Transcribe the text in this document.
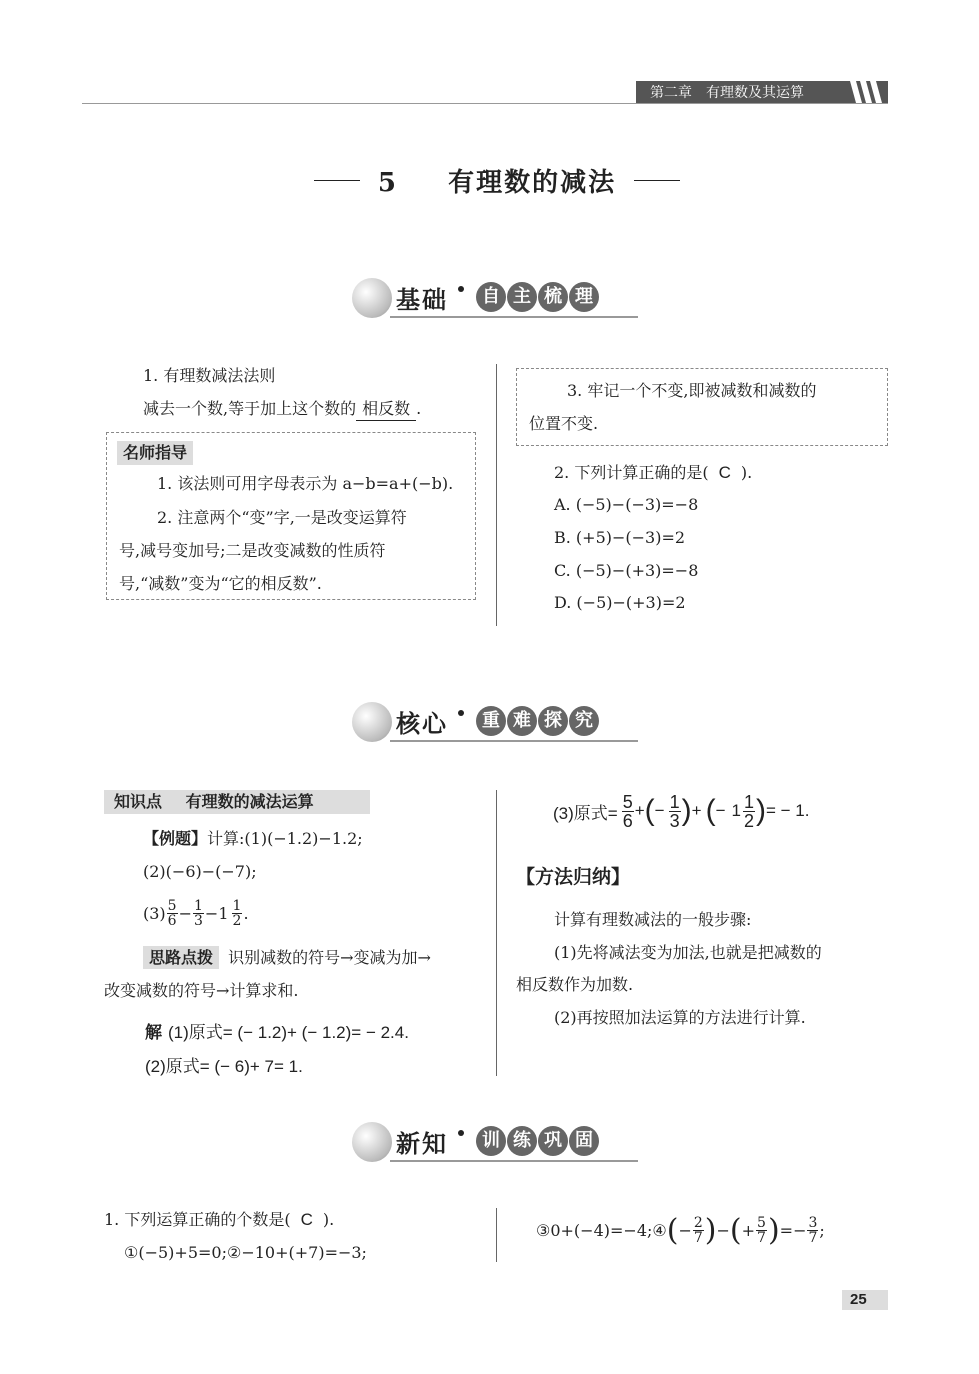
第二章　有理数及其运算
5 有理数的减法
基础	自 主 梳 理
1. 有理数减法法则
减去一个数,等于加上这个数的 相反数 .
名师指导
1. 该法则可用字母表示为 a−b=a+(−b).
2. 注意两个“变”字,一是改变运算符
号,减号变加号;二是改变减数的性质符
号,“减数”变为“它的相反数”.
3. 牢记一个不变,即被减数和减数的
位置不变.
2. 下列计算正确的是( C ).
A. (−5)−(−3)=−8
B. (+5)−(−3)=2
C. (−5)−(+3)=−8
D. (−5)−(+3)=2
核心	重 难 探 究
知识点 有理数的减法运算
【例题】计算:(1)(−1.2)−1.2;
(2)(−6)−(−7);
$(3) \frac{5}{6} - \frac{1}{3} - 1 \frac{1}{2}$ .
思路点拨 识别减数的符号→变减为加→
改变减数的符号→计算求和.
解 (1)原式= (− 1.2)+ (− 1.2)= − 2.4.
(2)原式= (− 6)+ 7= 1.
(3)原式= $\frac{5}{6}$ + ( − $\frac{1}{3}$ ) + ( − $1 \frac{1}{2}$ ) = − 1.
【方法归纳】
计算有理数减法的一般步骤:
(1)先将减法变为加法,也就是把减数的
相反数作为加数.
(2)再按照加法运算的方法进行计算.
新知	训 练 巩 固
1. 下列运算正确的个数是( C ).
①(−5)+5=0;②−10+(+7)=−3;
③0+(−4)=−4;④ ( − $\frac{2}{7}$ ) − ( + $\frac{5}{7}$ ) =− $\frac{3}{7}$ ;
25
